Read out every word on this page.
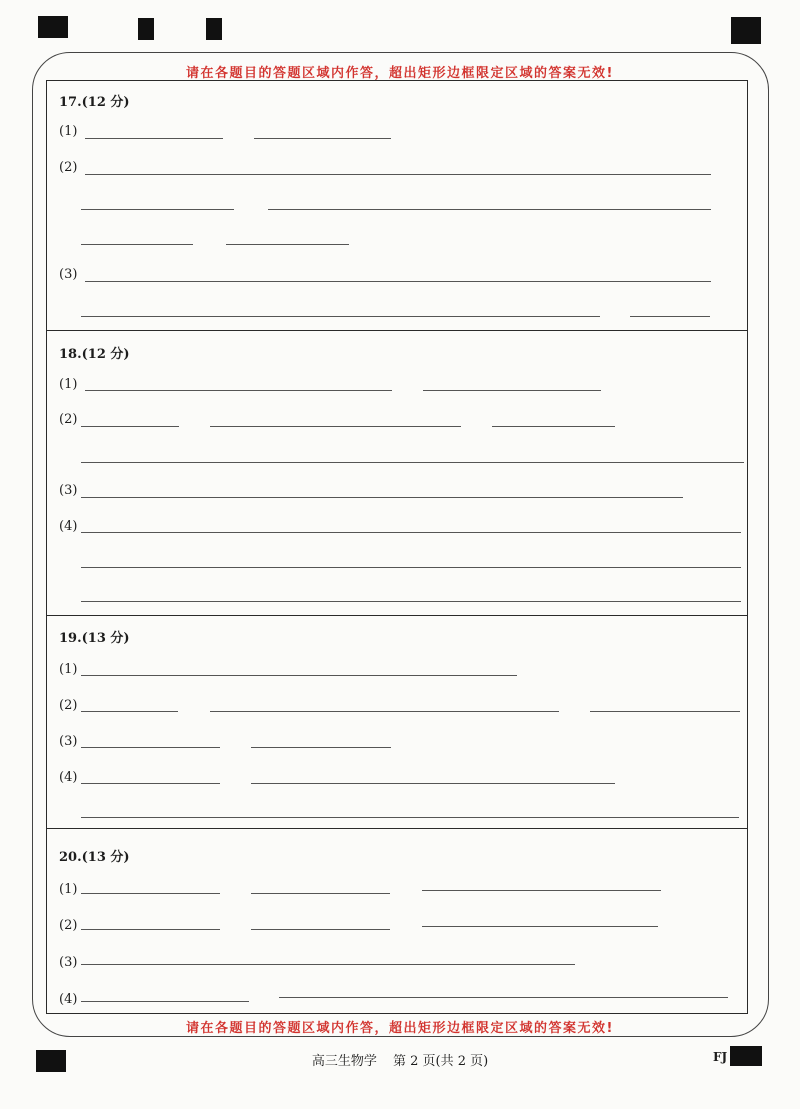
请在各题目的答题区域内作答，超出矩形边框限定区域的答案无效!
17.(12 分)
(1)
(2)
(3)
18.(12 分)
(1)
(2)
(3)
(4)
19.(13 分)
(1)
(2)
(3)
(4)
20.(13 分)
(1)
(2)
(3)
(4)
请在各题目的答题区域内作答，超出矩形边框限定区域的答案无效!
高三生物学 第 2 页(共 2 页)	FJ
